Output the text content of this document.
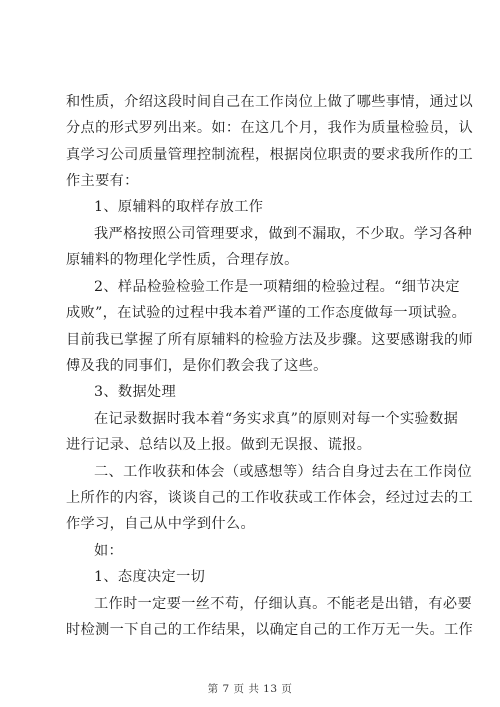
和性质，介绍这段时间自己在工作岗位上做了哪些事情，通过以
分点的形式罗列出来。如：在这几个月，我作为质量检验员，认
真学习公司质量管理控制流程，根据岗位职责的要求我所作的工
作主要有：
1、原辅料的取样存放工作
我严格按照公司管理要求，做到不漏取，不少取。学习各种
原辅料的物理化学性质，合理存放。
2、样品检验检验工作是一项精细的检验过程。“细节决定
成败”，在试验的过程中我本着严谨的工作态度做每一项试验。
目前我已掌握了所有原辅料的检验方法及步骤。这要感谢我的师
傅及我的同事们，是你们教会我了这些。
3、数据处理
在记录数据时我本着“务实求真”的原则对每一个实验数据
进行记录、总结以及上报。做到无误报、谎报。
二、工作收获和体会（或感想等）结合自身过去在工作岗位
上所作的内容，谈谈自己的工作收获或工作体会，经过过去的工
作学习，自己从中学到什么。
如：
1、态度决定一切
工作时一定要一丝不苟，仔细认真。不能老是出错，有必要
时检测一下自己的工作结果，以确定自己的工作万无一失。工作
第 7 页 共 13 页
